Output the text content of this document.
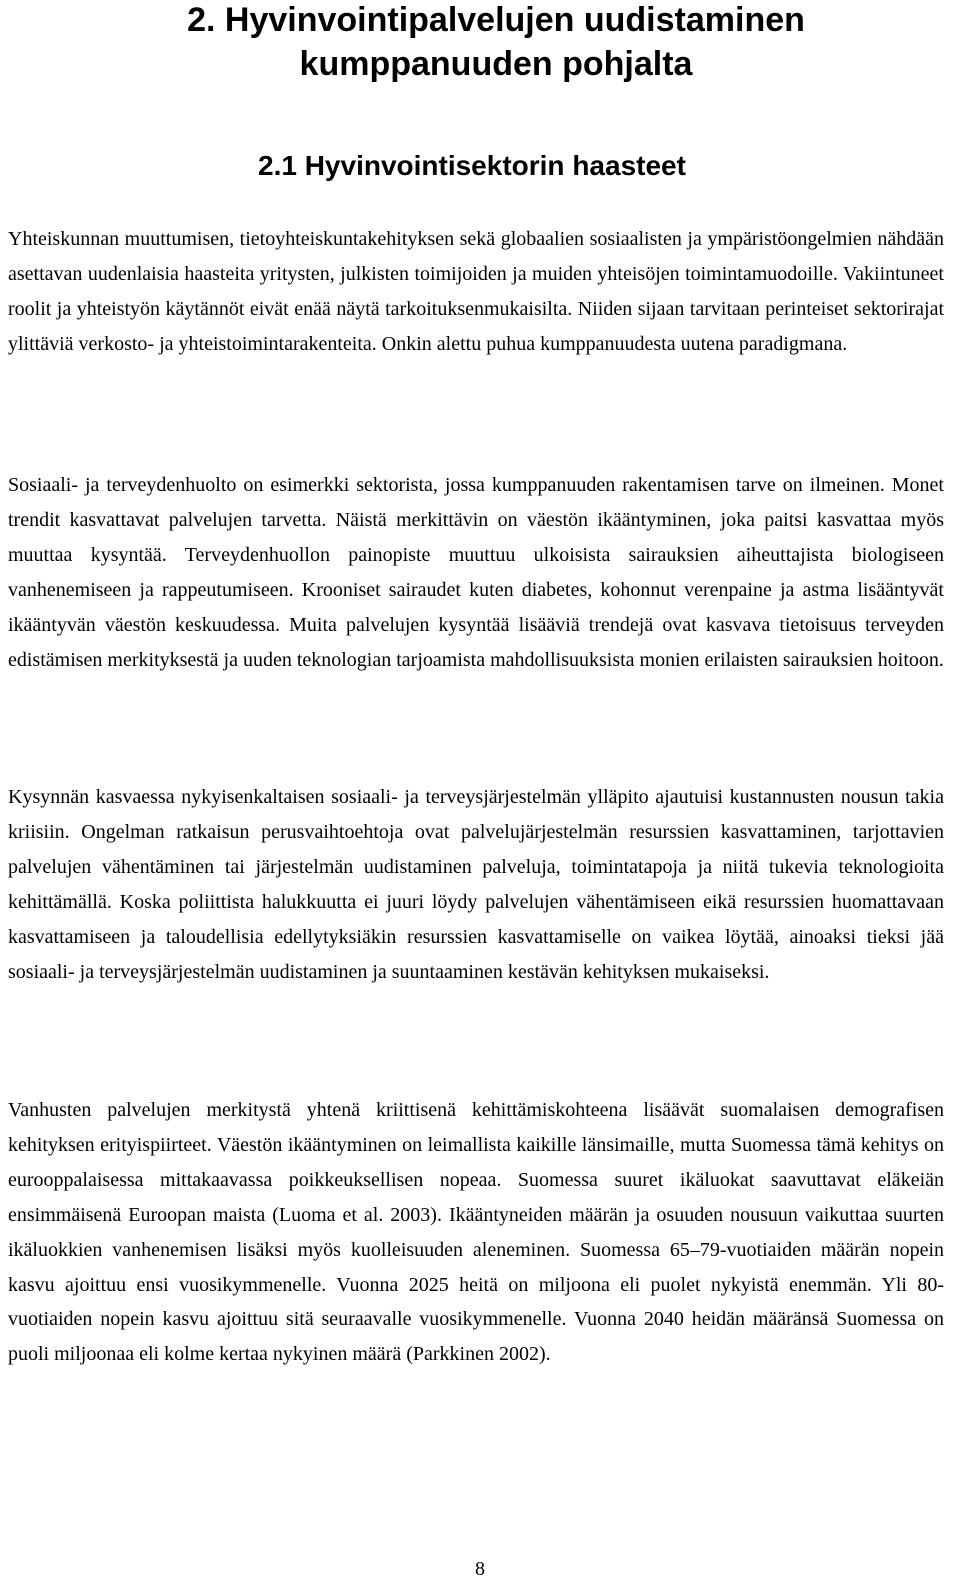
2. Hyvinvointipalvelujen uudistaminen
kumppanuuden pohjalta
2.1 Hyvinvointisektorin haasteet

Yhteiskunnan muuttumisen, tietoyhteiskuntakehityksen sekä globaalien sosiaalisten ja ympäristöongelmien nähdään asettavan uudenlaisia haasteita yritysten, julkisten toimijoiden ja muiden yhteisöjen toimintamuodoille. Vakiintuneet roolit ja yhteistyön käytännöt eivät enää näytä tarkoituksenmukaisilta. Niiden sijaan tarvitaan perinteiset sektorirajat ylittäviä verkosto- ja yhteistoimintarakenteita. Onkin alettu puhua kumppanuudesta uutena paradigmana.

Sosiaali- ja terveydenhuolto on esimerkki sektorista, jossa kumppanuuden rakentamisen tarve on ilmeinen. Monet trendit kasvattavat palvelujen tarvetta. Näistä merkittävin on väestön ikääntyminen, joka paitsi kasvattaa myös muuttaa kysyntää. Terveydenhuollon painopiste muuttuu ulkoisista sairauksien aiheuttajista biologiseen vanhenemiseen ja rappeutumiseen. Krooniset sairaudet kuten diabetes, kohonnut verenpaine ja astma lisääntyvät ikääntyvän väestön keskuudessa. Muita palvelujen kysyntää lisääviä trendejä ovat kasvava tietoisuus terveyden edistämisen merkityksestä ja uuden teknologian tarjoamista mahdollisuuksista monien erilaisten sairauksien hoitoon.

Kysynnän kasvaessa nykyisenkaltaisen sosiaali- ja terveysjärjestelmän ylläpito ajautuisi kustannusten nousun takia kriisiin. Ongelman ratkaisun perusvaihtoehtoja ovat palvelujärjestelmän resurssien kasvattaminen, tarjottavien palvelujen vähentäminen tai järjestelmän uudistaminen palveluja, toimintatapoja ja niitä tukevia teknologioita kehittämällä. Koska poliittista halukkuutta ei juuri löydy palvelujen vähentämiseen eikä resurssien huomattavaan kasvattamiseen ja taloudellisia edellytyksiäkin resurssien kasvattamiselle on vaikea löytää, ainoaksi tieksi jää sosiaali- ja terveysjärjestelmän uudistaminen ja suuntaaminen kestävän kehityksen mukaiseksi.

Vanhusten palvelujen merkitystä yhtenä kriittisenä kehittämiskohteena lisäävät suomalaisen demografisen kehityksen erityispiirteet. Väestön ikääntyminen on leimallista kaikille länsimaille, mutta Suomessa tämä kehitys on eurooppalaisessa mittakaavassa poikkeuksellisen nopeaa. Suomessa suuret ikäluokat saavuttavat eläkeiän ensimmäisenä Euroopan maista (Luoma et al. 2003). Ikääntyneiden määrän ja osuuden nousuun vaikuttaa suurten ikäluokkien vanhenemisen lisäksi myös kuolleisuuden aleneminen. Suomessa 65–79-vuotiaiden määrän nopein kasvu ajoittuu ensi vuosikymmenelle. Vuonna 2025 heitä on miljoona eli puolet nykyistä enemmän. Yli 80-vuotiaiden nopein kasvu ajoittuu sitä seuraavalle vuosikymmenelle. Vuonna 2040 heidän määränsä Suomessa on puoli miljoonaa eli kolme kertaa nykyinen määrä (Parkkinen 2002).

8
